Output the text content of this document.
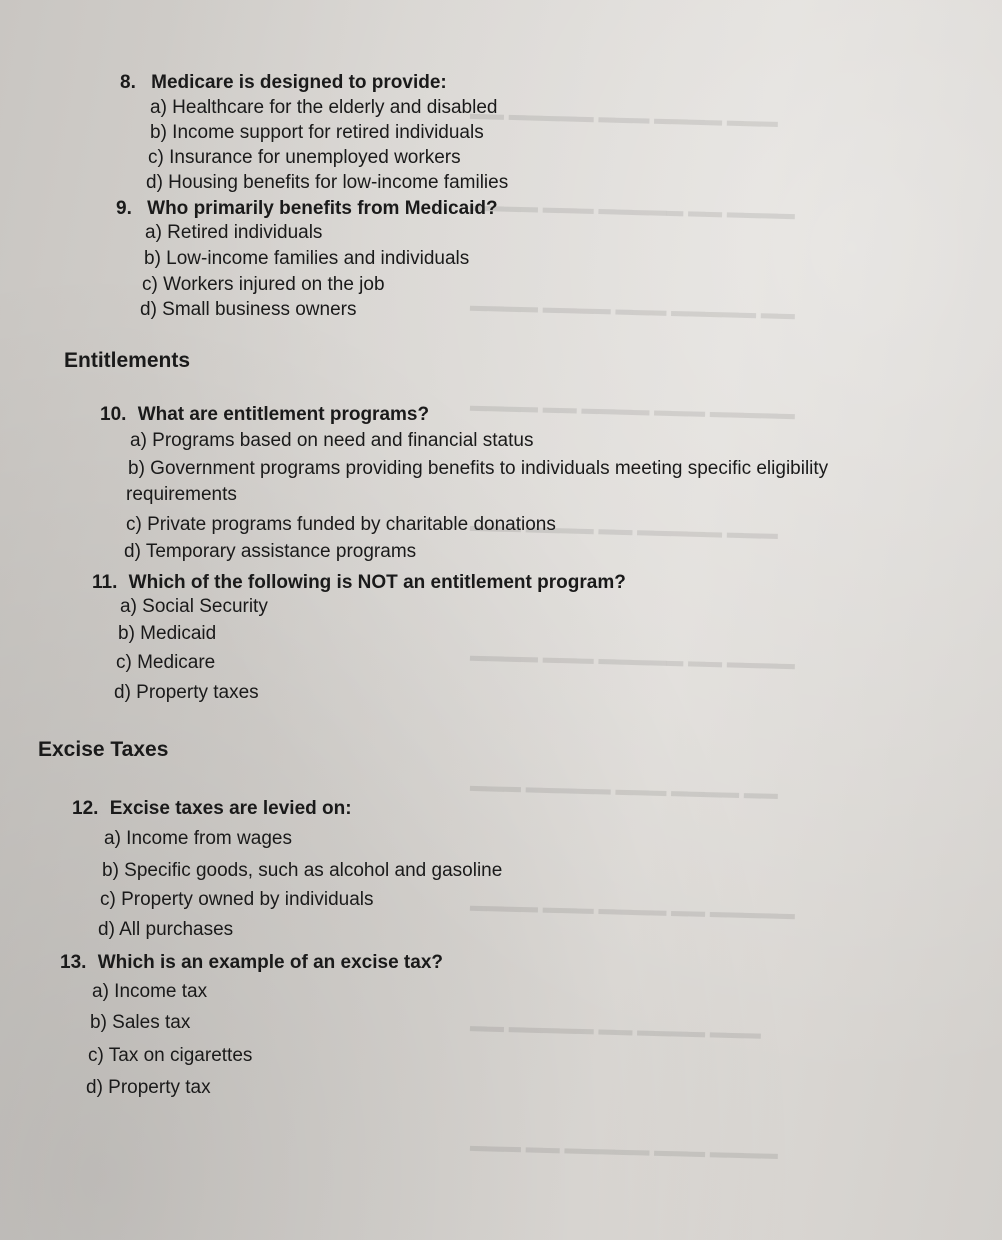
▬▬▬ ▬▬▬▬ ▬▬▬ ▬▬▬▬▬ ▬▬
▬▬▬▬ ▬▬ ▬▬▬▬▬ ▬▬▬ ▬▬▬▬
▬▬ ▬▬▬▬▬ ▬▬▬ ▬▬▬▬ ▬▬▬▬
▬▬▬▬▬ ▬▬▬ ▬▬▬▬ ▬▬ ▬▬▬▬
▬▬▬ ▬▬▬▬▬ ▬▬ ▬▬▬▬ ▬▬▬
▬▬▬▬ ▬▬ ▬▬▬▬▬ ▬▬▬ ▬▬▬▬
▬▬ ▬▬▬▬ ▬▬▬ ▬▬▬▬▬ ▬▬▬
▬▬▬▬▬ ▬▬ ▬▬▬▬ ▬▬▬ ▬▬▬▬
▬▬▬ ▬▬▬▬ ▬▬ ▬▬▬▬▬ ▬▬
▬▬▬▬ ▬▬▬ ▬▬▬▬▬ ▬▬ ▬▬▬
8. Medicare is designed to provide:
a) Healthcare for the elderly and disabled
b) Income support for retired individuals
c) Insurance for unemployed workers
d) Housing benefits for low-income families
9. Who primarily benefits from Medicaid?
a) Retired individuals
b) Low-income families and individuals
c) Workers injured on the job
d) Small business owners
Entitlements
10. What are entitlement programs?
a) Programs based on need and financial status
b) Government programs providing benefits to individuals meeting specific eligibility
requirements
c) Private programs funded by charitable donations
d) Temporary assistance programs
11. Which of the following is NOT an entitlement program?
a) Social Security
b) Medicaid
c) Medicare
d) Property taxes
Excise Taxes
12. Excise taxes are levied on:
a) Income from wages
b) Specific goods, such as alcohol and gasoline
c) Property owned by individuals
d) All purchases
13. Which is an example of an excise tax?
a) Income tax
b) Sales tax
c) Tax on cigarettes
d) Property tax
